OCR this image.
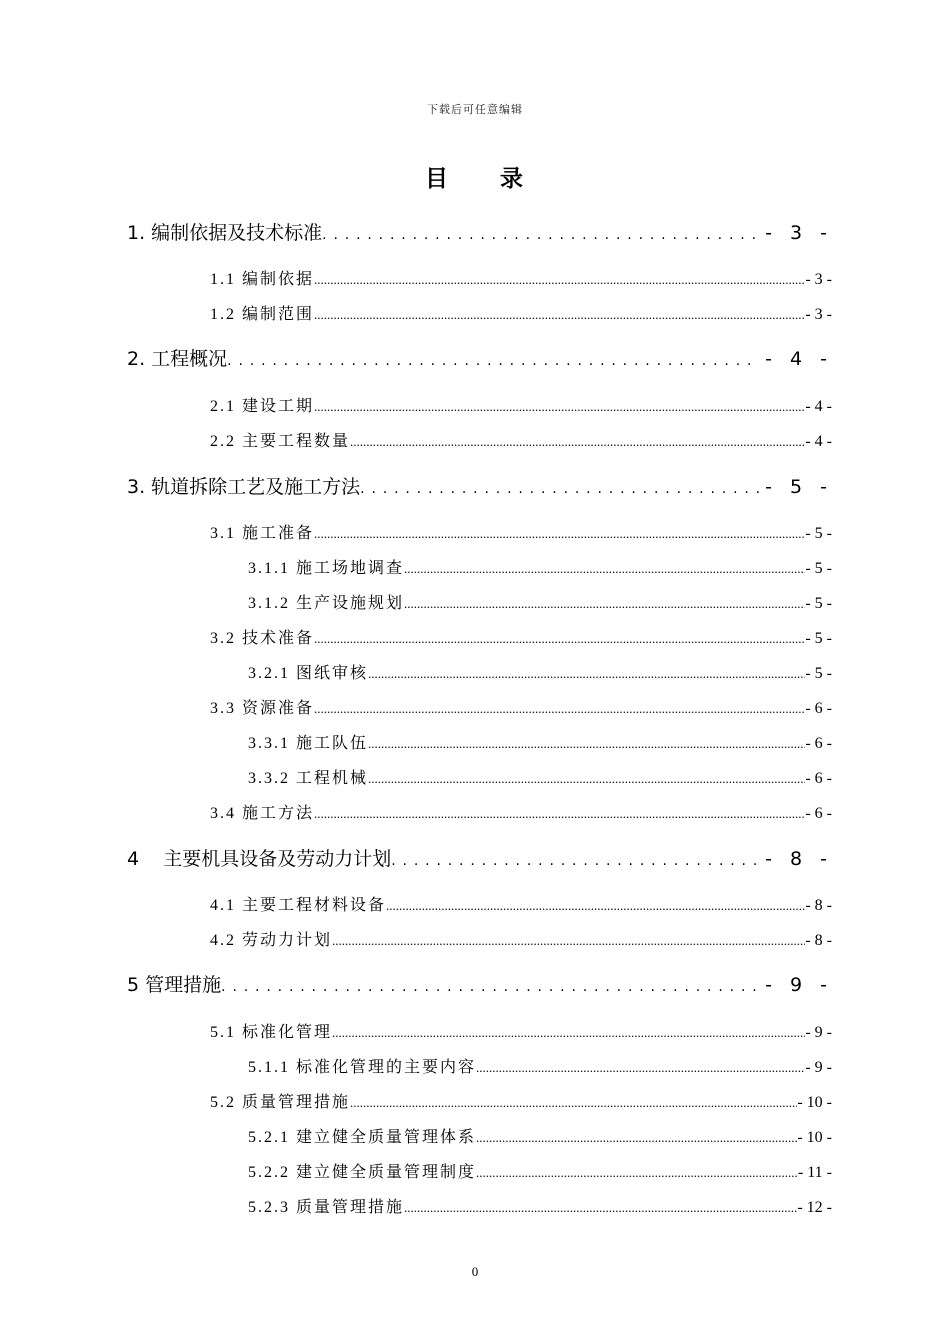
下载后可任意编辑
目 录
1. 编制依据及技术标准 . . .	- 3 -
1.1 编制依据 .....	- 3 -
1.2 编制范围 .....	- 3 -
2. 工程概况 . . .	- 4 -
2.1 建设工期 .....	- 4 -
2.2 主要工程数量 .....	- 4 -
3. 轨道拆除工艺及施工方法 . . .	- 5 -
3.1 施工准备 .....	- 5 -
3.1.1 施工场地调查 .....	- 5 -
3.1.2 生产设施规划 .....	- 5 -
3.2 技术准备 .....	- 5 -
3.2.1 图纸审核 .....	- 5 -
3.3 资源准备 .....	- 6 -
3.3.1 施工队伍 .....	- 6 -
3.3.2 工程机械 .....	- 6 -
3.4 施工方法 .....	- 6 -
4    主要机具设备及劳动力计划 . . .	- 8 -
4.1 主要工程材料设备 .....	- 8 -
4.2 劳动力计划 .....	- 8 -
5 管理措施 . . .	- 9 -
5.1 标准化管理 .....	- 9 -
5.1.1 标准化管理的主要内容 .....	- 9 -
5.2 质量管理措施 .....	- 10 -
5.2.1 建立健全质量管理体系 .....	- 10 -
5.2.2 建立健全质量管理制度 .....	- 11 -
5.2.3 质量管理措施 .....	- 12 -
0
